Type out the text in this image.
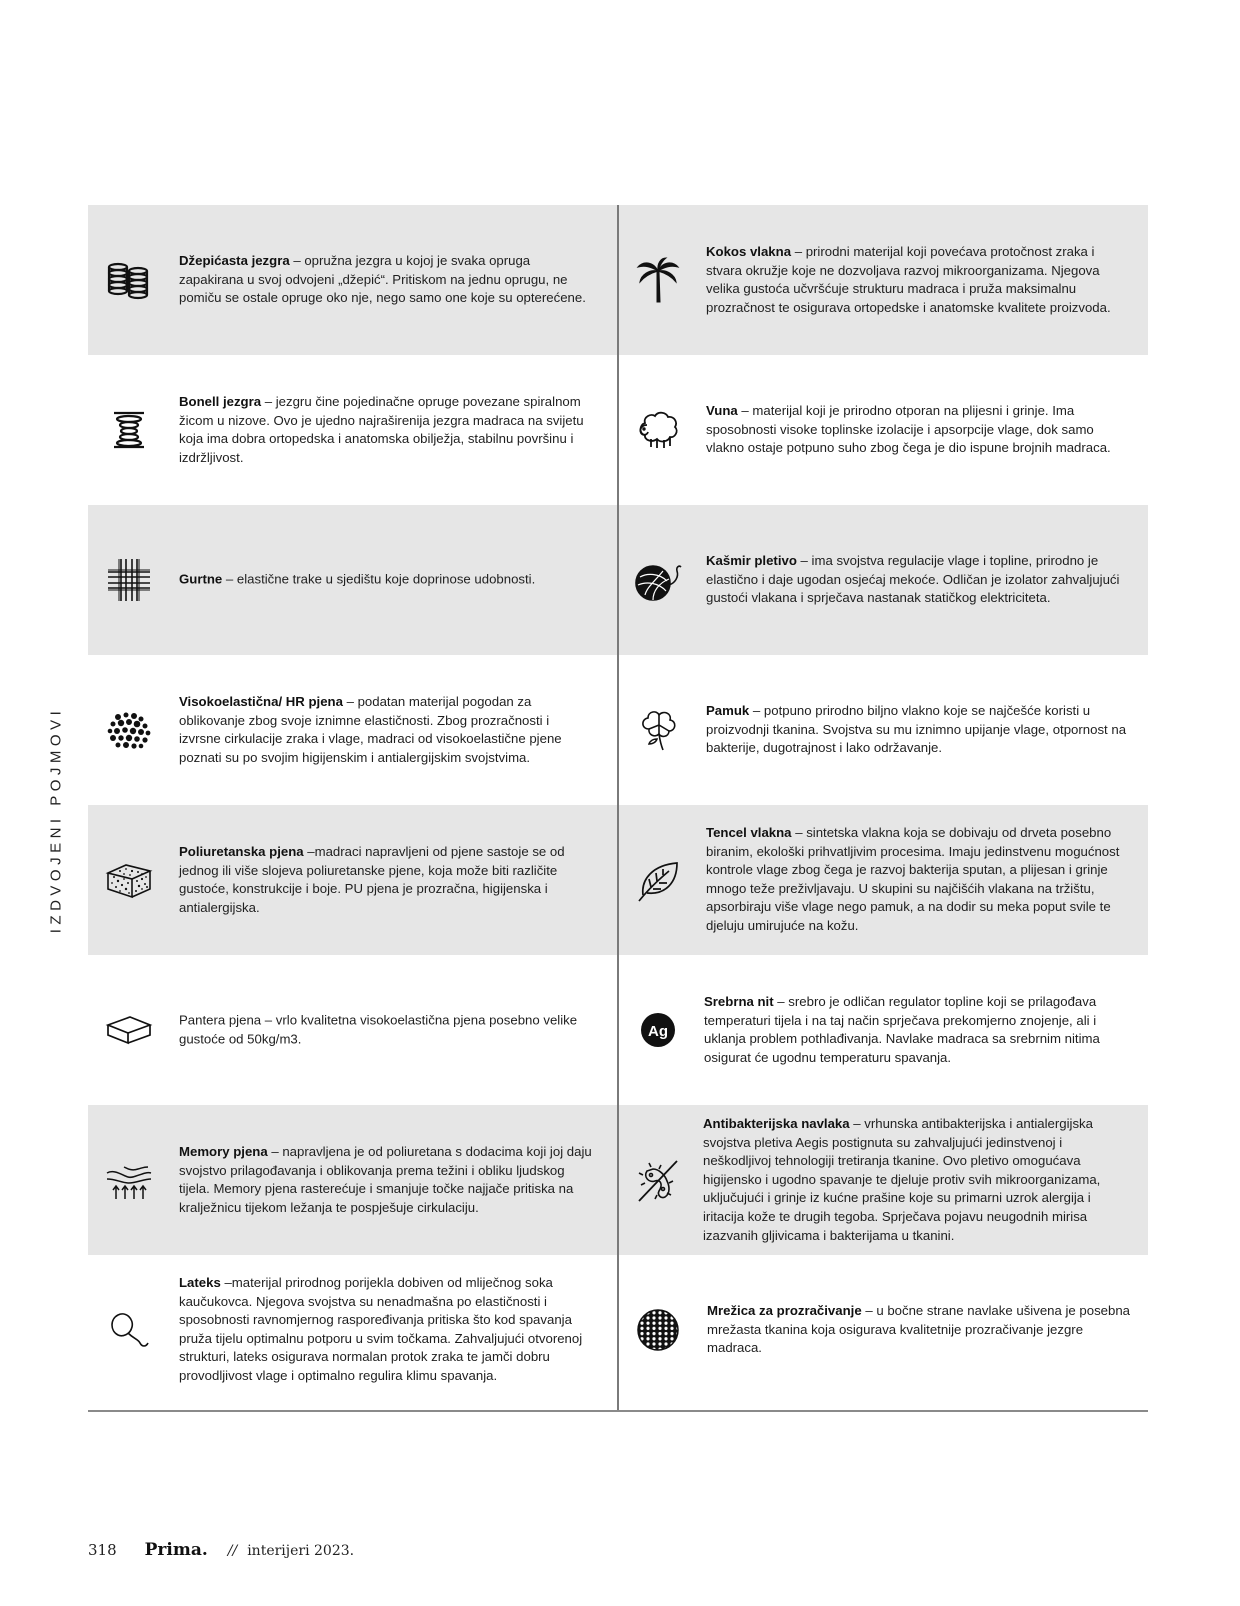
IZDVOJENI POJMOVI
Džepićasta jezgra – opružna jezgra u kojoj je svaka opruga zapakirana u svoj odvojeni „džepić“. Pritiskom na jednu oprugu, ne pomiču se ostale opruge oko nje, nego samo one koje su opterećene.
Kokos vlakna – prirodni materijal koji povećava protočnost zraka i stvara okružje koje ne dozvoljava razvoj mikroorganizama. Njegova velika gustoća učvršćuje strukturu madraca i pruža maksimalnu prozračnost te osigurava ortopedske i anatomske kvalitete proizvoda.
Bonell jezgra – jezgru čine pojedinačne opruge povezane spiralnom žicom u nizove. Ovo je ujedno najraširenija jezgra madraca na svijetu koja ima dobra ortopedska i anatomska obilježja, stabilnu površinu i izdržljivost.
Vuna – materijal koji je prirodno otporan na plijesni i grinje. Ima sposobnosti visoke toplinske izolacije i apsorpcije vlage, dok samo vlakno ostaje potpuno suho zbog čega je dio ispune brojnih madraca.
Gurtne – elastične trake u sjedištu koje doprinose udobnosti.
Kašmir pletivo – ima svojstva regulacije vlage i topline, prirodno je elastično i daje ugodan osjećaj mekoće. Odličan je izolator zahvaljujući gustoći vlakana i sprječava nastanak statičkog elektriciteta.
Visokoelastična/ HR pjena – podatan materijal pogodan za oblikovanje zbog svoje iznimne elastičnosti. Zbog prozračnosti i izvrsne cirkulacije zraka i vlage, madraci od visokoelastične pjene poznati su po svojim higijenskim i antialergijskim svojstvima.
Pamuk – potpuno prirodno biljno vlakno koje se najčešće koristi u proizvodnji tkanina. Svojstva su mu iznimno upijanje vlage, otpornost na bakterije, dugotrajnost i lako održavanje.
Poliuretanska pjena –madraci napravljeni od pjene sastoje se od jednog ili više slojeva poliuretanske pjene, koja može biti različite gustoće, konstrukcije i boje. PU pjena je prozračna, higijenska i antialergijska.
Tencel vlakna – sintetska vlakna koja se dobivaju od drveta posebno biranim, ekološki prihvatljivim procesima. Imaju jedinstvenu mogućnost kontrole vlage zbog čega je razvoj bakterija sputan, a plijesan i grinje mnogo teže preživljavaju. U skupini su najčišćih vlakana na tržištu, apsorbiraju više vlage nego pamuk, a na dodir su meka poput svile te djeluju umirujuće na kožu.
Pantera pjena – vrlo kvalitetna visokoelastična pjena posebno velike gustoće od 50kg/m3.	Ag
Srebrna nit – srebro je odličan regulator topline koji se prilagođava temperaturi tijela i na taj način sprječava prekomjerno znojenje, ali i uklanja problem pothlađivanja. Navlake madraca sa srebrnim nitima osigurat će ugodnu temperaturu spavanja.
Memory pjena – napravljena je od poliuretana s dodacima koji joj daju svojstvo prilagođavanja i oblikovanja prema težini i obliku ljudskog tijela. Memory pjena rasterećuje i smanjuje točke najjače pritiska na kralježnicu tijekom ležanja te pospješuje cirkulaciju.
Antibakterijska navlaka – vrhunska antibakterijska i antialergijska svojstva pletiva Aegis postignuta su zahvaljujući jedinstvenoj i neškodljivoj tehnologiji tretiranja tkanine. Ovo pletivo omogućava higijensko i ugodno spavanje te djeluje protiv svih mikroorganizama, uključujući i grinje iz kućne prašine koje su primarni uzrok alergija i iritacija kože te drugih tegoba. Sprječava pojavu neugodnih mirisa izazvanih gljivicama i bakterijama u tkanini.
Lateks –materijal prirodnog porijekla dobiven od mliječnog soka kaučukovca. Njegova svojstva su nenadmašna po elastičnosti i sposobnosti ravnomjernog raspoređivanja pritiska što kod spavanja pruža tijelu optimalnu potporu u svim točkama. Zahvaljujući otvorenoj strukturi, lateks osigurava normalan protok zraka te jamči dobru provodljivost vlage i optimalno regulira klimu spavanja.
Mrežica za prozračivanje – u bočne strane navlake ušivena je posebna mrežasta tkanina koja osigurava kvalitetnije prozračivanje jezgre madraca.
318 Prima. // interijeri 2023.
